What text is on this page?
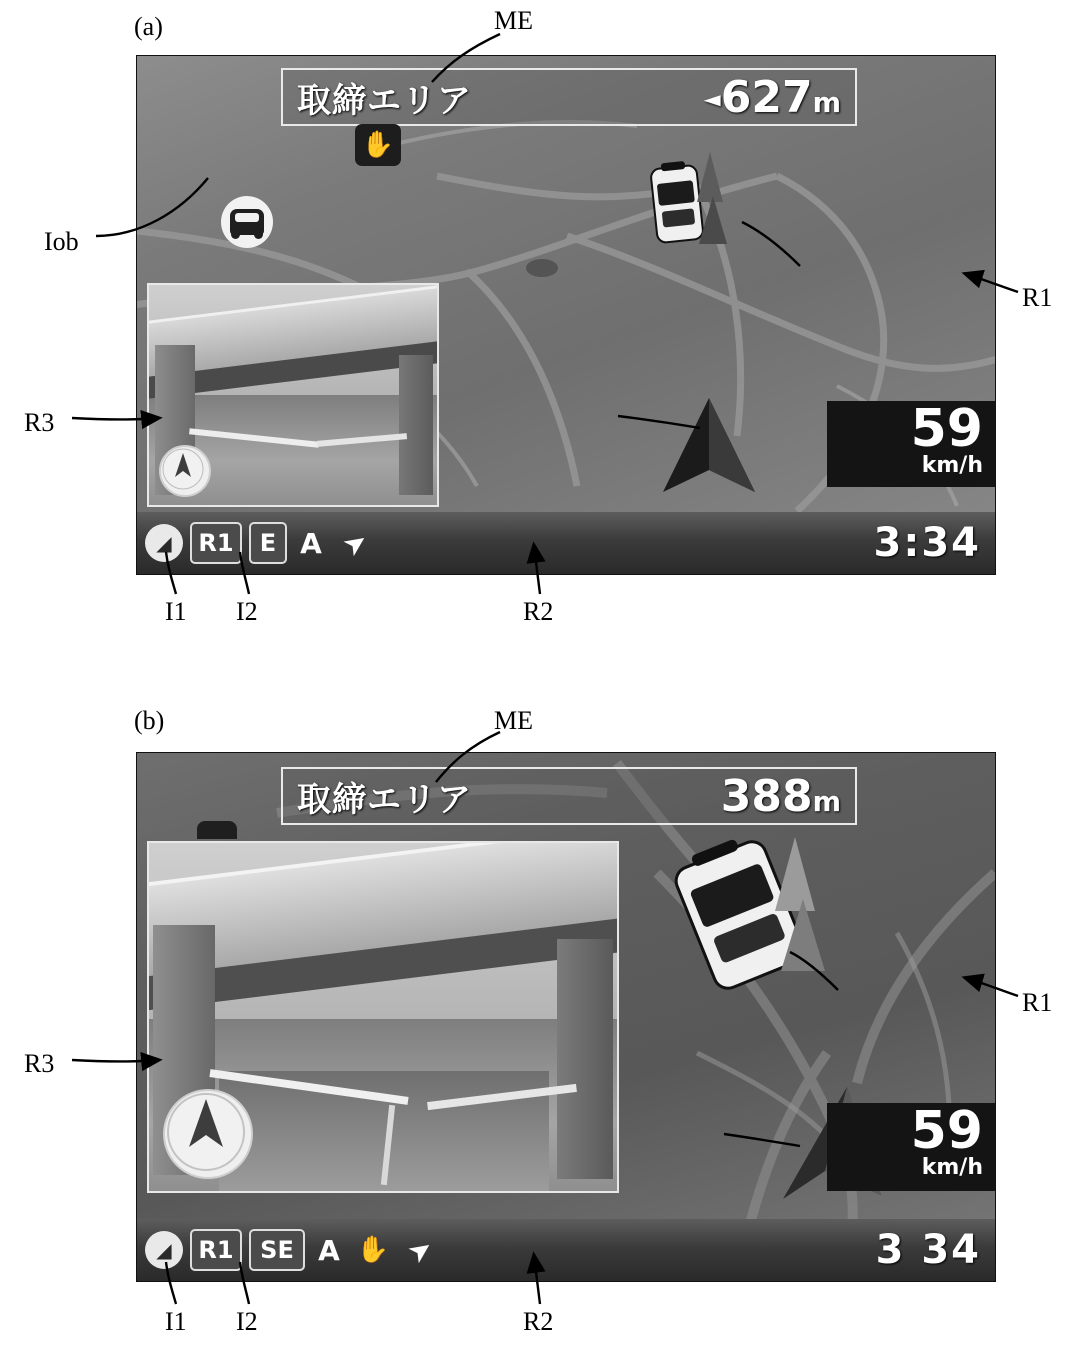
(a)	ME
Iob
R1
R3
I1 I2	R2
取締エリア	◄627m
✋
59
km/h
◢ R1 E A ➤	3:34
(b)	ME
R1
R3
I1 I2	R2
取締エリア	388m
59
km/h
◢ R1 SE A ✋ ➤	3 34
